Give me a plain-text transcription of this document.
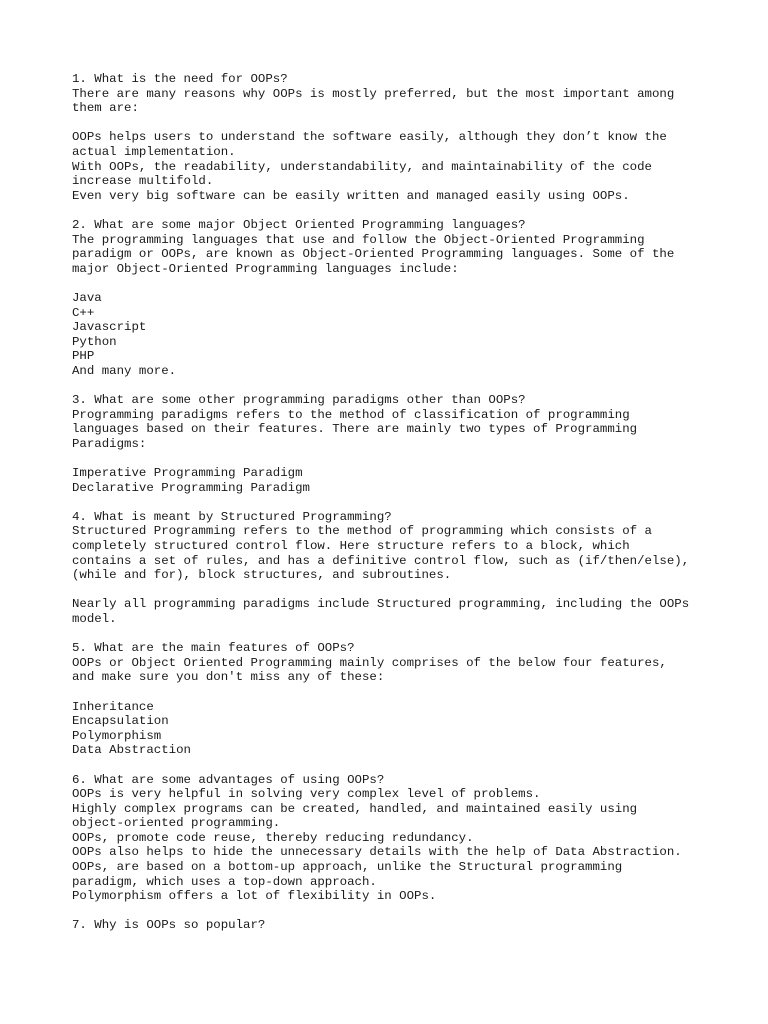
1. What is the need for OOPs?
There are many reasons why OOPs is mostly preferred, but the most important among
them are:
OOPs helps users to understand the software easily, although they don’t know the
actual implementation.
With OOPs, the readability, understandability, and maintainability of the code
increase multifold.
Even very big software can be easily written and managed easily using OOPs.
2. What are some major Object Oriented Programming languages?
The programming languages that use and follow the Object-Oriented Programming
paradigm or OOPs, are known as Object-Oriented Programming languages. Some of the
major Object-Oriented Programming languages include:
Java
C++
Javascript
Python
PHP
And many more.
3. What are some other programming paradigms other than OOPs?
Programming paradigms refers to the method of classification of programming
languages based on their features. There are mainly two types of Programming
Paradigms:
Imperative Programming Paradigm
Declarative Programming Paradigm
4. What is meant by Structured Programming?
Structured Programming refers to the method of programming which consists of a
completely structured control flow. Here structure refers to a block, which
contains a set of rules, and has a definitive control flow, such as (if/then/else),
(while and for), block structures, and subroutines.
Nearly all programming paradigms include Structured programming, including the OOPs
model.
5. What are the main features of OOPs?
OOPs or Object Oriented Programming mainly comprises of the below four features,
and make sure you don't miss any of these:
Inheritance
Encapsulation
Polymorphism
Data Abstraction
6. What are some advantages of using OOPs?
OOPs is very helpful in solving very complex level of problems.
Highly complex programs can be created, handled, and maintained easily using
object-oriented programming.
OOPs, promote code reuse, thereby reducing redundancy.
OOPs also helps to hide the unnecessary details with the help of Data Abstraction.
OOPs, are based on a bottom-up approach, unlike the Structural programming
paradigm, which uses a top-down approach.
Polymorphism offers a lot of flexibility in OOPs.
7. Why is OOPs so popular?
